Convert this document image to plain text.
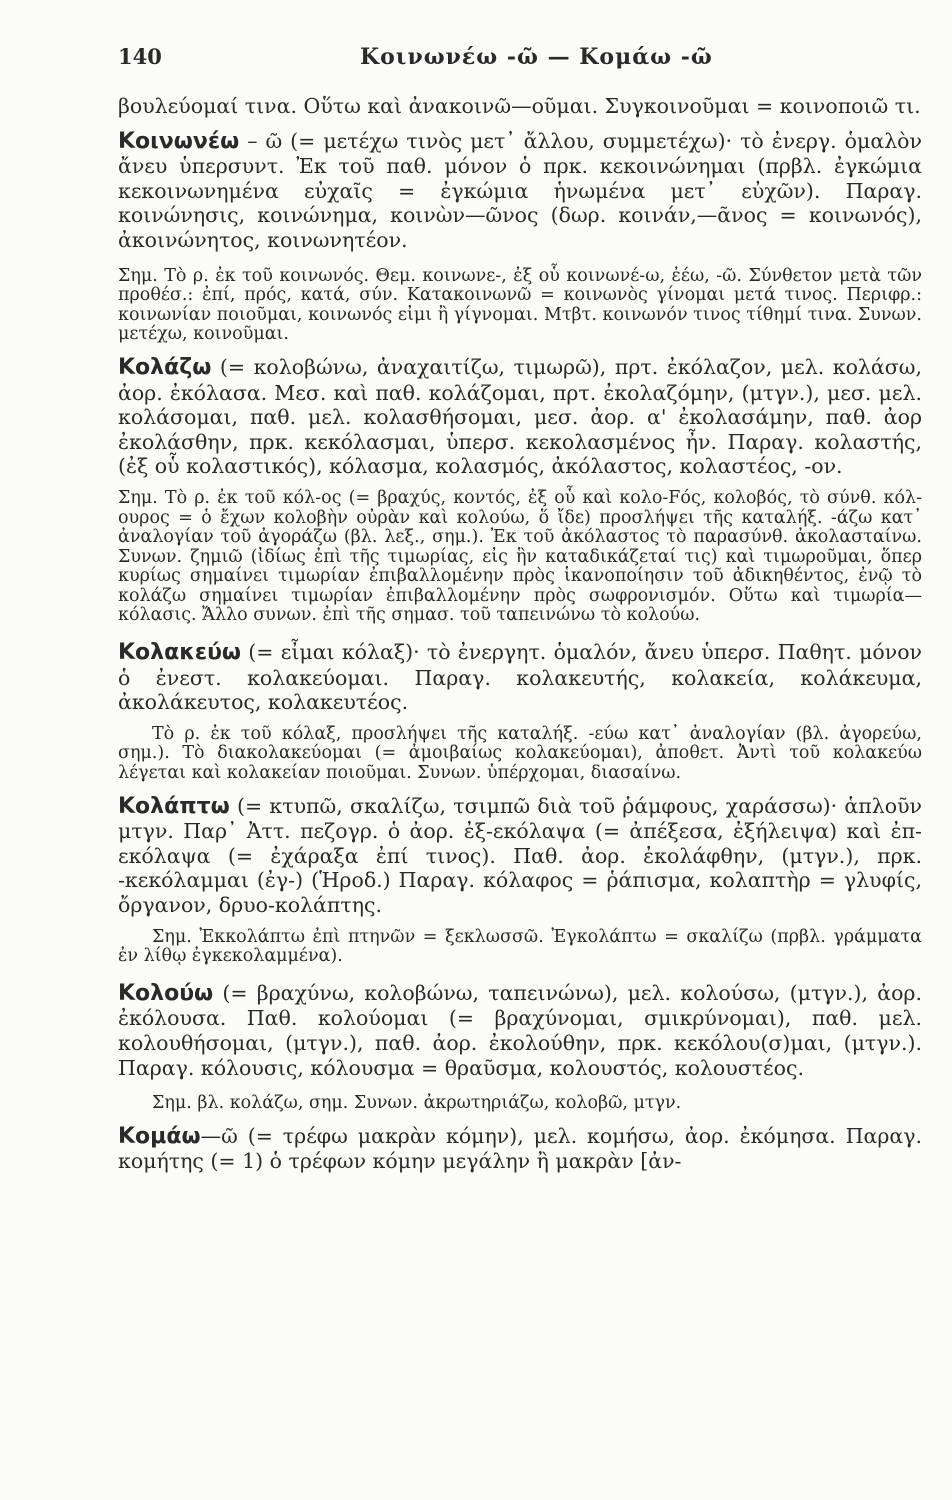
140	Κοινωνέω -ῶ — Κομάω -ῶ

βουλεύομαί τινα. Οὕτω καὶ ἀνακοινῶ—οῦμαι. Συγκοινοῦμαι = κοινοποιῶ τι.

Κοινωνέω – ῶ (= μετέχω τινὸς μετ᾿ ἄλλου, συμμετέχω)· τὸ ἐνεργ. ὁμαλὸν ἄνευ ὑπερσυντ. Ἐκ τοῦ παθ. μόνον ὁ πρκ. κεκοινώνημαι (πρβλ. ἐγκώμια κεκοινωνημένα εὐχαῖς = ἐγκώμια ἡνωμένα μετ᾿ εὐχῶν). Παραγ. κοινώνησις, κοινώνημα, κοινὼν—ῶνος (δωρ. κοινάν,—ᾶνος = κοινωνός), ἀκοινώνητος, κοινωνητέον.

Σημ. Τὸ ρ. ἐκ τοῦ κοινωνός. Θεμ. κοινωνε-, ἐξ οὗ κοινωνέ-ω, ἐέω, -ῶ. Σύνθετον μετὰ τῶν προθέσ.: ἐπί, πρός, κατά, σύν. Κατακοινωνῶ = κοινωνὸς γίνομαι μετά τινος. Περιφρ.: κοινωνίαν ποιοῦμαι, κοινωνός εἰμι ἢ γίγνομαι. Μτβτ. κοινωνόν τινος τίθημί τινα. Συνων. μετέχω, κοινοῦμαι.

Κολάζω (= κολοβώνω, ἀναχαιτίζω, τιμωρῶ), πρτ. ἐκόλαζον, μελ. κολάσω, ἀορ. ἐκόλασα. Μεσ. καὶ παθ. κολάζομαι, πρτ. ἐκολαζόμην, (μτγν.), μεσ. μελ. κολάσομαι, παθ. μελ. κολασθήσομαι, μεσ. ἀορ. α' ἐκολασάμην, παθ. ἀορ ἐκολάσθην, πρκ. κεκόλασμαι, ὑπερσ. κεκολασμένος ἦν. Παραγ. κολαστής, (ἐξ οὗ κολαστικός), κόλασμα, κολασμός, ἀκόλαστος, κολαστέος, -ον.

Σημ. Τὸ ρ. ἐκ τοῦ κόλ-ος (= βραχύς, κοντός, ἐξ οὗ καὶ κολο-Fός, κολοβός, τὸ σύνθ. κόλ-ουρος = ὁ ἔχων κολοβὴν οὐρὰν καὶ κολούω, ὅ ἴδε) προσλήψει τῆς καταλήξ. -άζω κατ᾿ ἀναλογίαν τοῦ ἀγοράζω (βλ. λεξ., σημ.). Ἐκ τοῦ ἀκόλαστος τὸ παρασύνθ. ἀκολασταίνω. Συνων. ζημιῶ (ἰδίως ἐπὶ τῆς τιμωρίας, εἰς ἣν καταδικάζεταί τις) καὶ τιμωροῦμαι, ὅπερ κυρίως σημαίνει τιμωρίαν ἐπιβαλλομένην πρὸς ἱκανοποίησιν τοῦ ἀδικηθέντος, ἐνῷ τὸ κολάζω σημαίνει τιμωρίαν ἐπιβαλλομένην πρὸς σωφρονισμόν. Οὕτω καὶ τιμωρία—κόλασις. Ἄλλο συνων. ἐπὶ τῆς σημασ. τοῦ ταπεινώνω τὸ κολούω.

Κολακεύω (= εἶμαι κόλαξ)· τὸ ἐνεργητ. ὁμαλόν, ἄνευ ὑπερσ. Παθητ. μόνον ὁ ἐνεστ. κολακεύομαι. Παραγ. κολακευτής, κολακεία, κολάκευμα, ἀκολάκευτος, κολακευτέος.

Τὸ ρ. ἐκ τοῦ κόλαξ, προσλήψει τῆς καταλήξ. -εύω κατ᾿ ἀναλογίαν (βλ. ἀγορεύω, σημ.). Τὸ διακολακεύομαι (= ἀμοιβαίως κολακεύομαι), ἀποθετ. Ἀντὶ τοῦ κολακεύω λέγεται καὶ κολακείαν ποιοῦμαι. Συνων. ὑπέρχομαι, διασαίνω.

Κολάπτω (= κτυπῶ, σκαλίζω, τσιμπῶ διὰ τοῦ ῥάμφους, χαράσσω)· ἁπλοῦν μτγν. Παρ᾿ Ἀττ. πεζογρ. ὁ ἀορ. ἐξ-εκόλαψα (= ἀπέξεσα, ἐξήλειψα) καὶ ἐπ-εκόλαψα (= ἐχάραξα ἐπί τινος). Παθ. ἀορ. ἐκολάφθην, (μτγν.), πρκ. -κεκόλαμμαι (ἐγ-) (Ἡροδ.) Παραγ. κόλαφος = ῥάπισμα, κολαπτὴρ = γλυφίς, ὄργανον, δρυο-κολάπτης.

Σημ. Ἐκκολάπτω ἐπὶ πτηνῶν = ξεκλωσσῶ. Ἐγκολάπτω = σκαλίζω (πρβλ. γράμματα ἐν λίθῳ ἐγκεκολαμμένα).

Κολούω (= βραχύνω, κολοβώνω, ταπεινώνω), μελ. κολούσω, (μτγν.), ἀορ. ἐκόλουσα. Παθ. κολούομαι (= βραχύνομαι, σμικρύνομαι), παθ. μελ. κολουθήσομαι, (μτγν.), παθ. ἀορ. ἐκολούθην, πρκ. κεκόλου(σ)μαι, (μτγν.). Παραγ. κόλουσις, κόλουσμα = θραῦσμα, κολουστός, κολουστέος.

Σημ. βλ. κολάζω, σημ. Συνων. ἀκρωτηριάζω, κολοβῶ, μτγν.

Κομάω—ῶ (= τρέφω μακρὰν κόμην), μελ. κομήσω, ἀορ. ἐκόμησα. Παραγ. κομήτης (= 1) ὁ τρέφων κόμην μεγάλην ἢ μακρὰν [ἀν-
